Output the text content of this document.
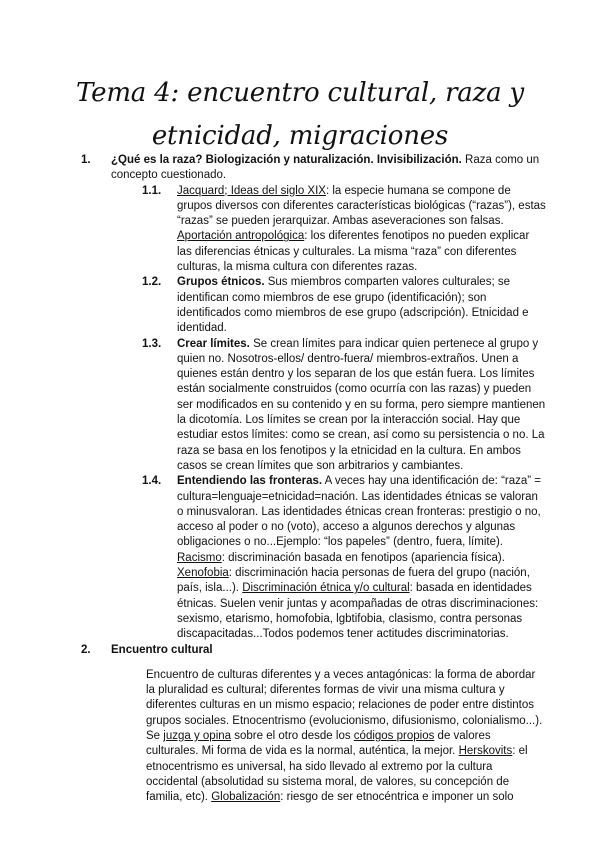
Tema 4: encuentro cultural, raza y
etnicidad, migraciones
1. ¿Qué es la raza? Biologización y naturalización. Invisibilización. Raza como un concepto cuestionado.
1.1. Jacquard; Ideas del siglo XIX: la especie humana se compone de grupos diversos con diferentes características biológicas (“razas”), estas “razas” se pueden jerarquizar. Ambas aseveraciones son falsas. Aportación antropológica: los diferentes fenotipos no pueden explicar las diferencias étnicas y culturales. La misma “raza” con diferentes culturas, la misma cultura con diferentes razas.
1.2. Grupos étnicos. Sus miembros comparten valores culturales; se identifican como miembros de ese grupo (identificación); son identificados como miembros de ese grupo (adscripción). Etnicidad e identidad.
1.3. Crear límites. Se crean límites para indicar quien pertenece al grupo y quien no. Nosotros-ellos/ dentro-fuera/ miembros-extraños. Unen a quienes están dentro y los separan de los que están fuera. Los límites están socialmente construidos (como ocurría con las razas) y pueden ser modificados en su contenido y en su forma, pero siempre mantienen la dicotomía. Los límites se crean por la interacción social. Hay que estudiar estos límites: como se crean, así como su persistencia o no. La raza se basa en los fenotipos y la etnicidad en la cultura. En ambos casos se crean límites que son arbitrarios y cambiantes.
1.4. Entendiendo las fronteras. A veces hay una identificación de: “raza” = cultura=lenguaje=etnicidad=nación. Las identidades étnicas se valoran o minusvaloran. Las identidades étnicas crean fronteras: prestigio o no, acceso al poder o no (voto), acceso a algunos derechos y algunas obligaciones o no...Ejemplo: “los papeles” (dentro, fuera, límite). Racismo: discriminación basada en fenotipos (apariencia física). Xenofobia: discriminación hacia personas de fuera del grupo (nación, país, isla...). Discriminación étnica y/o cultural: basada en identidades étnicas. Suelen venir juntas y acompañadas de otras discriminaciones: sexismo, etarismo, homofobia, lgbtifobia, clasismo, contra personas discapacitadas...Todos podemos tener actitudes discriminatorias.
2. Encuentro cultural
Encuentro de culturas diferentes y a veces antagónicas: la forma de abordar la pluralidad es cultural; diferentes formas de vivir una misma cultura y diferentes culturas en un mismo espacio; relaciones de poder entre distintos grupos sociales. Etnocentrismo (evolucionismo, difusionismo, colonialismo...). Se juzga y opina sobre el otro desde los códigos propios de valores culturales. Mi forma de vida es la normal, auténtica, la mejor. Herskovits: el etnocentrismo es universal, ha sido llevado al extremo por la cultura occidental (absolutidad su sistema moral, de valores, su concepción de familia, etc). Globalización: riesgo de ser etnocéntrica e imponer un solo
